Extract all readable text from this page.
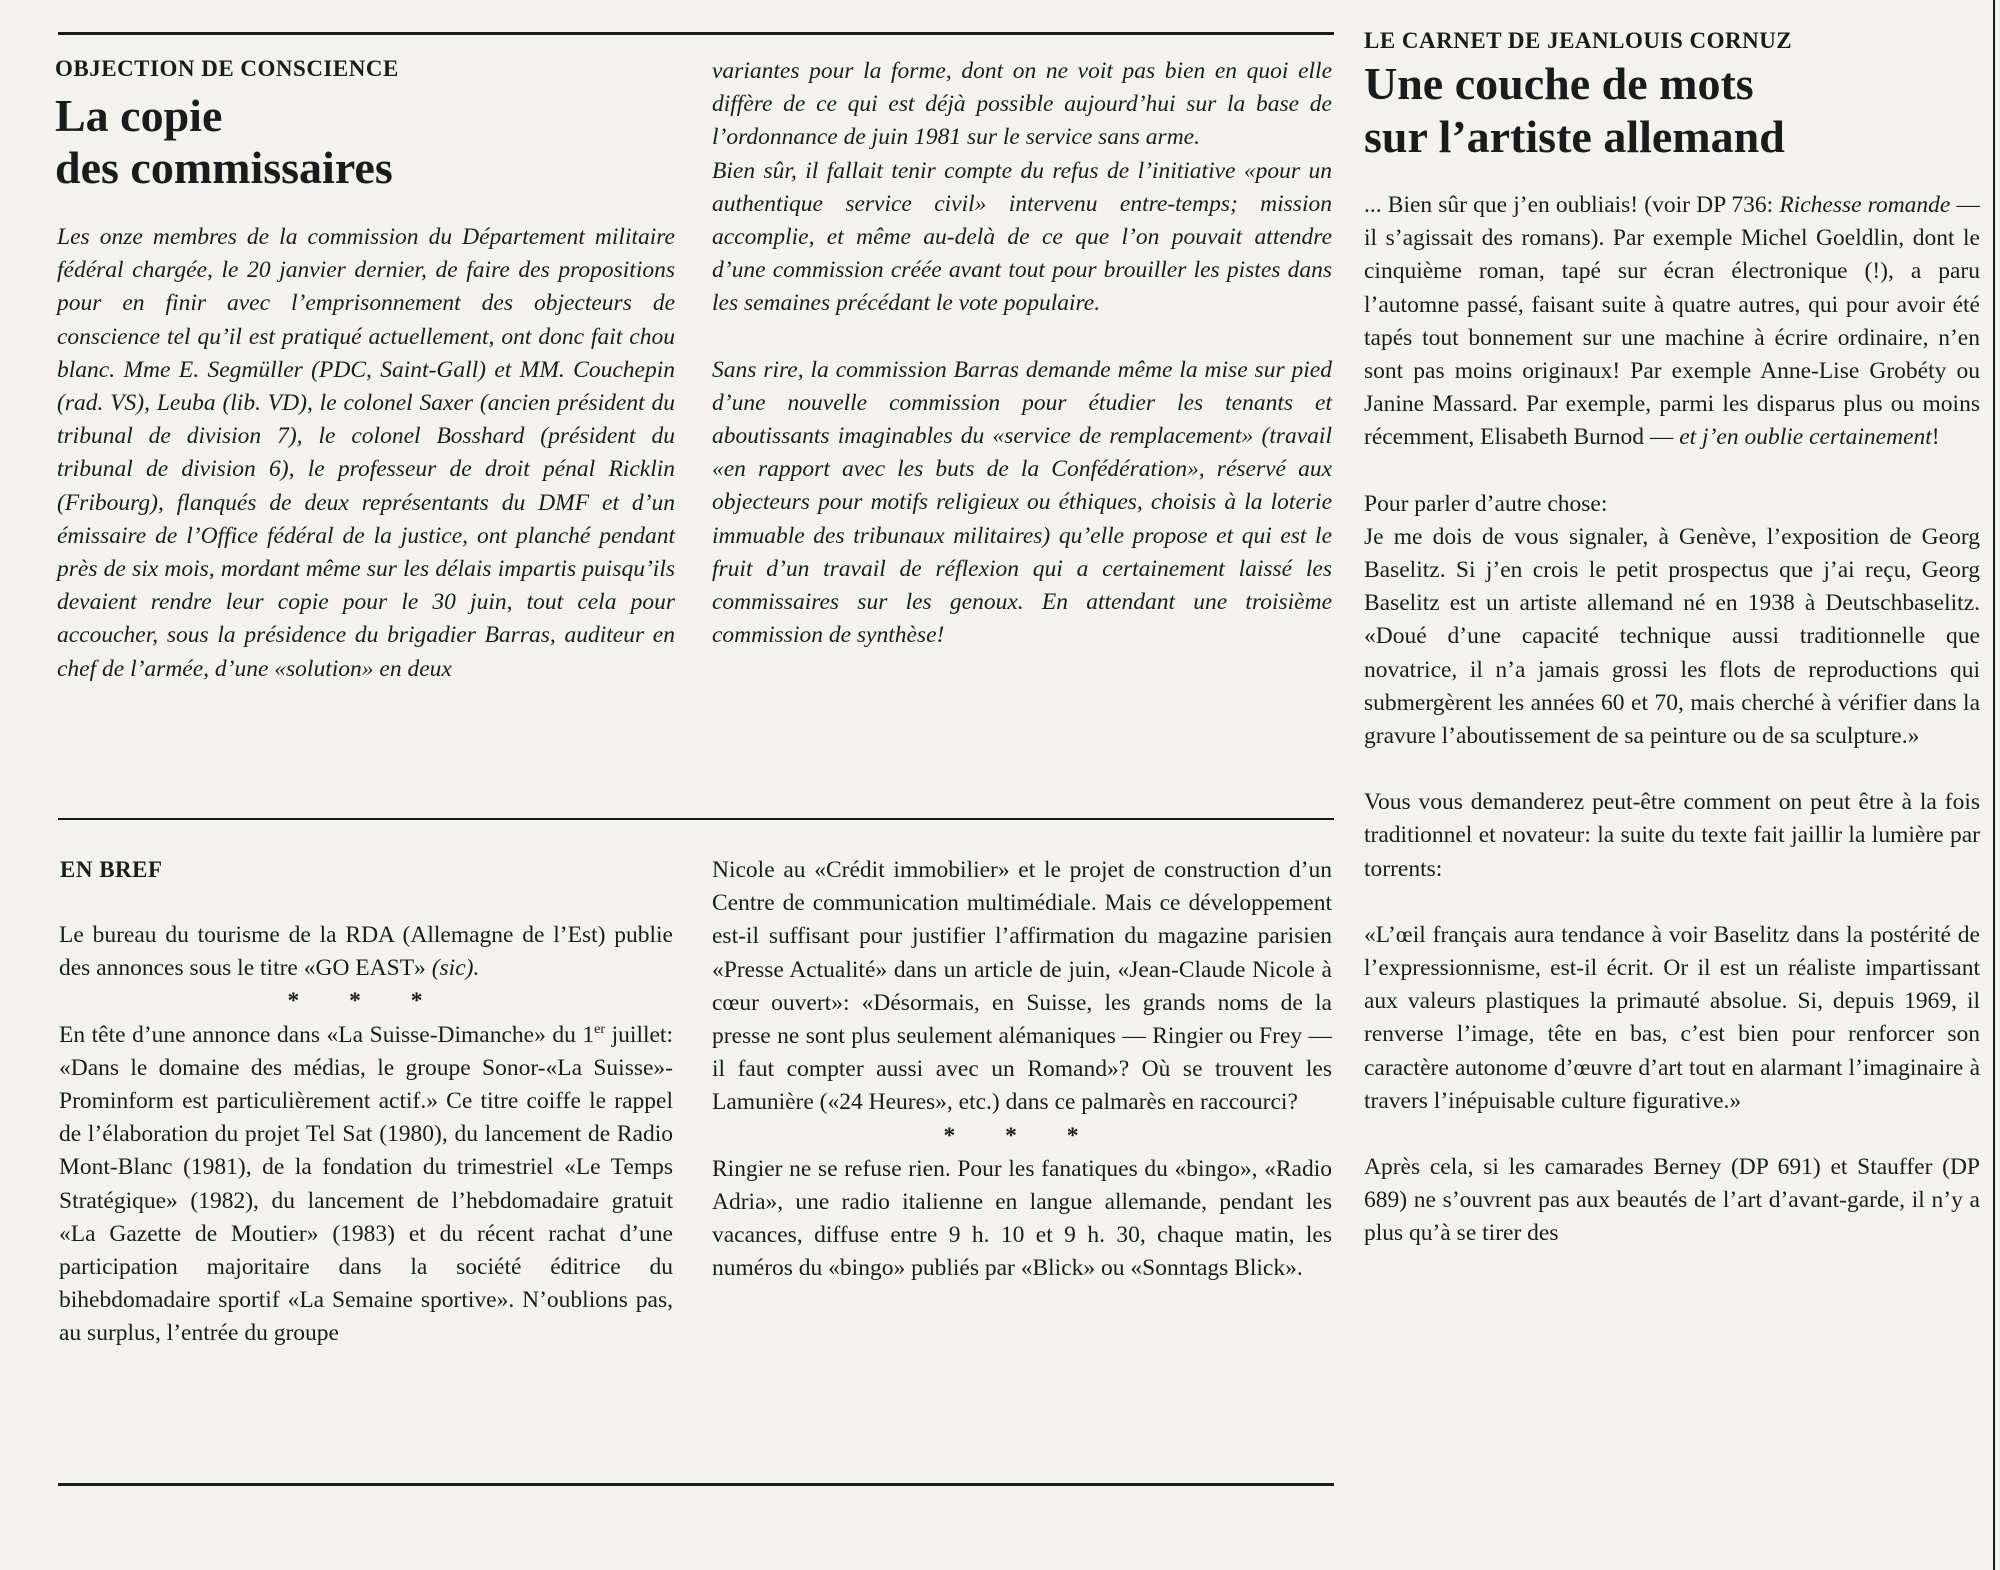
OBJECTION DE CONSCIENCE
La copie
des commissaires

Les onze membres de la commission du Département militaire fédéral chargée, le 20 janvier dernier, de faire des propositions pour en finir avec l’emprisonnement des objecteurs de conscience tel qu’il est pratiqué actuellement, ont donc fait chou blanc. Mme E. Segmüller (PDC, Saint-Gall) et MM. Couchepin (rad. VS), Leuba (lib. VD), le colonel Saxer (ancien président du tribunal de division 7), le colonel Bosshard (président du tribunal de division 6), le professeur de droit pénal Ricklin (Fribourg), flanqués de deux représentants du DMF et d’un émissaire de l’Office fédéral de la justice, ont planché pendant près de six mois, mordant même sur les délais impartis puisqu’ils devaient rendre leur copie pour le 30 juin, tout cela pour accoucher, sous la présidence du brigadier Barras, auditeur en chef de l’armée, d’une «solution» en deux

variantes pour la forme, dont on ne voit pas bien en quoi elle diffère de ce qui est déjà possible aujourd’hui sur la base de l’ordonnance de juin 1981 sur le service sans arme.

Bien sûr, il fallait tenir compte du refus de l’initiative «pour un authentique service civil» intervenu entre-temps; mission accomplie, et même au-delà de ce que l’on pouvait attendre d’une commission créée avant tout pour brouiller les pistes dans les semaines précédant le vote populaire.

Sans rire, la commission Barras demande même la mise sur pied d’une nouvelle commission pour étudier les tenants et aboutissants imaginables du «service de remplacement» (travail «en rapport avec les buts de la Confédération», réservé aux objecteurs pour motifs religieux ou éthiques, choisis à la loterie immuable des tribunaux militaires) qu’elle propose et qui est le fruit d’un travail de réflexion qui a certainement laissé les commissaires sur les genoux. En attendant une troisième commission de synthèse!

EN BREF

Le bureau du tourisme de la RDA (Allemagne de l’Est) publie des annonces sous le titre «GO EAST» (sic).

* * *

En tête d’une annonce dans «La Suisse-Dimanche» du 1er juillet: «Dans le domaine des médias, le groupe Sonor-«La Suisse»-Prominform est particulièrement actif.» Ce titre coiffe le rappel de l’élaboration du projet Tel Sat (1980), du lancement de Radio Mont-Blanc (1981), de la fondation du trimestriel «Le Temps Stratégique» (1982), du lancement de l’hebdomadaire gratuit «La Gazette de Moutier» (1983) et du récent rachat d’une participation majoritaire dans la société éditrice du bihebdomadaire sportif «La Semaine sportive». N’oublions pas, au surplus, l’entrée du groupe

Nicole au «Crédit immobilier» et le projet de construction d’un Centre de communication multimédiale. Mais ce développement est-il suffisant pour justifier l’affirmation du magazine parisien «Presse Actualité» dans un article de juin, «Jean-Claude Nicole à cœur ouvert»: «Désormais, en Suisse, les grands noms de la presse ne sont plus seulement alémaniques — Ringier ou Frey — il faut compter aussi avec un Romand»? Où se trouvent les Lamunière («24 Heures», etc.) dans ce palmarès en raccourci?

* * *

Ringier ne se refuse rien. Pour les fanatiques du «bingo», «Radio Adria», une radio italienne en langue allemande, pendant les vacances, diffuse entre 9 h. 10 et 9 h. 30, chaque matin, les numéros du «bingo» publiés par «Blick» ou «Sonntags Blick».

LE CARNET DE JEANLOUIS CORNUZ
Une couche de mots
sur l’artiste allemand

... Bien sûr que j’en oubliais! (voir DP 736: Richesse romande — il s’agissait des romans). Par exemple Michel Goeldlin, dont le cinquième roman, tapé sur écran électronique (!), a paru l’automne passé, faisant suite à quatre autres, qui pour avoir été tapés tout bonnement sur une machine à écrire ordinaire, n’en sont pas moins originaux! Par exemple Anne-Lise Grobéty ou Janine Massard. Par exemple, parmi les disparus plus ou moins récemment, Elisabeth Burnod — et j’en oublie certainement!

Pour parler d’autre chose:
Je me dois de vous signaler, à Genève, l’exposition de Georg Baselitz. Si j’en crois le petit prospectus que j’ai reçu, Georg Baselitz est un artiste allemand né en 1938 à Deutschbaselitz. «Doué d’une capacité technique aussi traditionnelle que novatrice, il n’a jamais grossi les flots de reproductions qui submergèrent les années 60 et 70, mais cherché à vérifier dans la gravure l’aboutissement de sa peinture ou de sa sculpture.»

Vous vous demanderez peut-être comment on peut être à la fois traditionnel et novateur: la suite du texte fait jaillir la lumière par torrents:

«L’œil français aura tendance à voir Baselitz dans la postérité de l’expressionnisme, est-il écrit. Or il est un réaliste impartissant aux valeurs plastiques la primauté absolue. Si, depuis 1969, il renverse l’image, tête en bas, c’est bien pour renforcer son caractère autonome d’œuvre d’art tout en alarmant l’imaginaire à travers l’inépuisable culture figurative.»

Après cela, si les camarades Berney (DP 691) et Stauffer (DP 689) ne s’ouvrent pas aux beautés de l’art d’avant-garde, il n’y a plus qu’à se tirer des
